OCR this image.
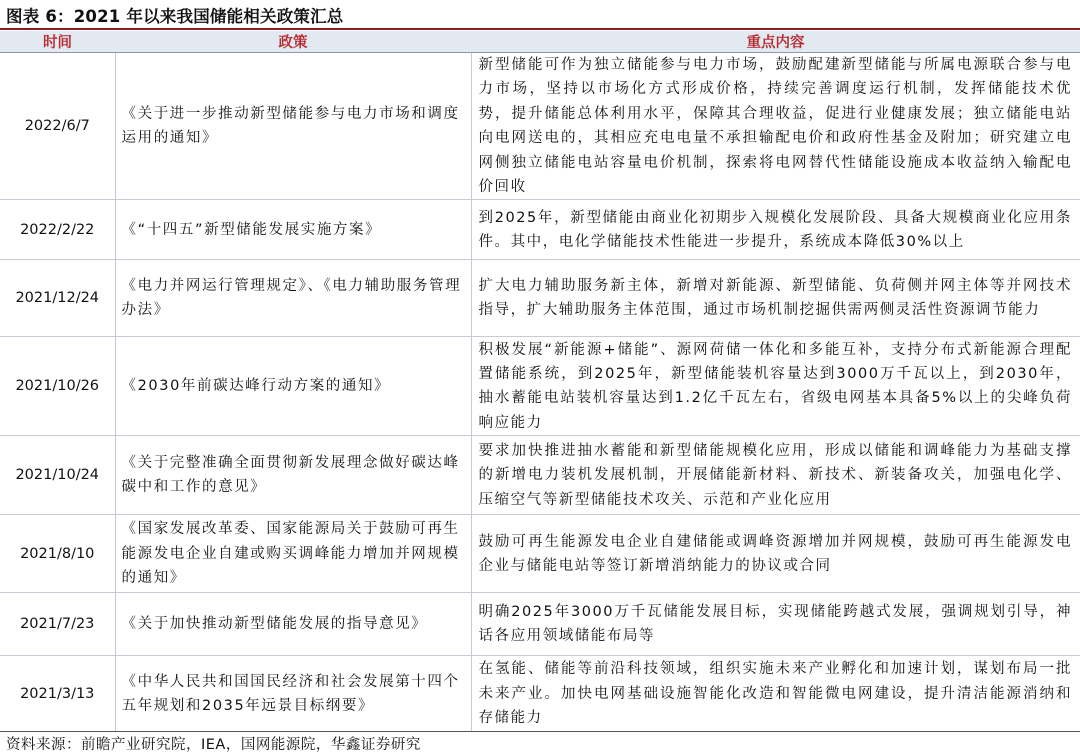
图表 6：2021 年以来我国储能相关政策汇总
时间	政策	重点内容
2022/6/7	《关于进一步推动新型储能参与电力市场和调度运用的通知》	新型储能可作为独立储能参与电力市场，鼓励配建新型储能与所属电源联合参与电力市场，坚持以市场化方式形成价格，持续完善调度运行机制，发挥储能技术优势，提升储能总体利用水平，保障其合理收益，促进行业健康发展；独立储能电站向电网送电的，其相应充电电量不承担输配电价和政府性基金及附加；研究建立电网侧独立储能电站容量电价机制，探索将电网替代性储能设施成本收益纳入输配电价回收
2022/2/22	《“十四五”新型储能发展实施方案》	到2025年，新型储能由商业化初期步入规模化发展阶段、具备大规模商业化应用条件。其中，电化学储能技术性能进一步提升，系统成本降低30%以上
2021/12/24	《电力并网运行管理规定》、《电力辅助服务管理办法》	扩大电力辅助服务新主体，新增对新能源、新型储能、负荷侧并网主体等并网技术指导，扩大辅助服务主体范围，通过市场机制挖掘供需两侧灵活性资源调节能力
2021/10/26	《2030年前碳达峰行动方案的通知》	积极发展“新能源+储能”、源网荷储一体化和多能互补，支持分布式新能源合理配置储能系统，到2025年，新型储能装机容量达到3000万千瓦以上，到2030年，抽水蓄能电站装机容量达到1.2亿千瓦左右，省级电网基本具备5%以上的尖峰负荷响应能力
2021/10/24	《关于完整准确全面贯彻新发展理念做好碳达峰碳中和工作的意见》	要求加快推进抽水蓄能和新型储能规模化应用，形成以储能和调峰能力为基础支撑的新增电力装机发展机制，开展储能新材料、新技术、新装备攻关，加强电化学、压缩空气等新型储能技术攻关、示范和产业化应用
2021/8/10	《国家发展改革委、国家能源局关于鼓励可再生能源发电企业自建或购买调峰能力增加并网规模的通知》	鼓励可再生能源发电企业自建储能或调峰资源增加并网规模，鼓励可再生能源发电企业与储能电站等签订新增消纳能力的协议或合同
2021/7/23	《关于加快推动新型储能发展的指导意见》	明确2025年3000万千瓦储能发展目标，实现储能跨越式发展，强调规划引导，神话各应用领域储能布局等
2021/3/13	《中华人民共和国国民经济和社会发展第十四个五年规划和2035年远景目标纲要》	在氢能、储能等前沿科技领域，组织实施未来产业孵化和加速计划，谋划布局一批未来产业。加快电网基础设施智能化改造和智能微电网建设，提升清洁能源消纳和存储能力
资料来源：前瞻产业研究院，IEA，国网能源院，华鑫证券研究
